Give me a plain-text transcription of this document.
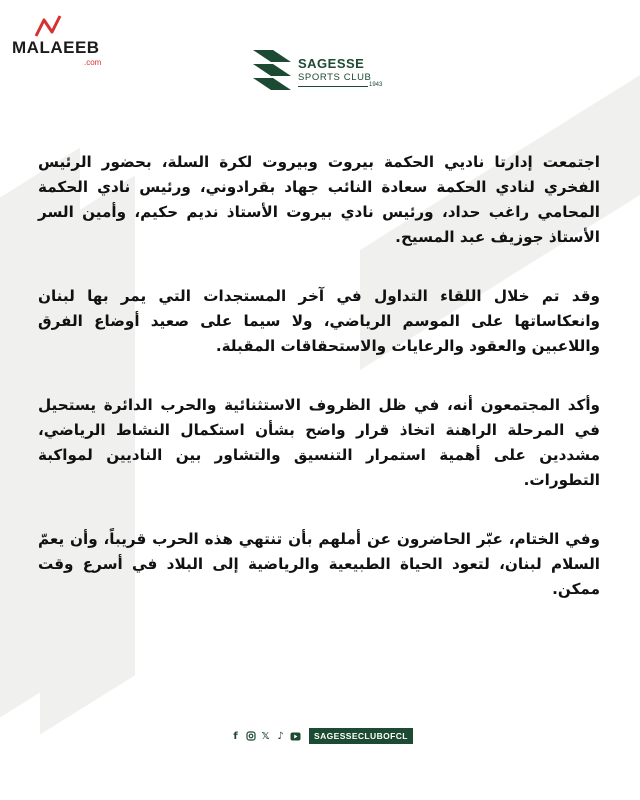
MALAEEB
.com	SAGESSE
SPORTS CLUB
1943

اجتمعت إدارتا ناديي الحكمة بيروت وبيروت لكرة السلة، بحضور الرئيس الفخري لنادي الحكمة سعادة النائب جهاد بقرادوني، ورئيس نادي الحكمة المحامي راغب حداد، ورئيس نادي بيروت الأستاذ نديم حكيم، وأمين السر الأستاذ جوزيف عبد المسيح.

وقد تم خلال اللقاء التداول في آخر المستجدات التي يمر بها لبنان وانعكاساتها على الموسم الرياضي، ولا سيما على صعيد أوضاع الفرق واللاعبين والعقود والرعايات والاستحقاقات المقبلة.

وأكد المجتمعون أنه، في ظل الظروف الاستثنائية والحرب الدائرة يستحيل في المرحلة الراهنة اتخاذ قرار واضح بشأن استكمال النشاط الرياضي، مشددين على أهمية استمرار التنسيق والتشاور بين الناديين لمواكبة التطورات.

وفي الختام، عبّر الحاضرون عن أملهم بأن تنتهي هذه الحرب قريباً، وأن يعمّ السلام لبنان، لتعود الحياة الطبيعية والرياضية إلى البلاد في أسرع وقت ممكن.

f	𝕏 ♪	SAGESSECLUBOFCL
